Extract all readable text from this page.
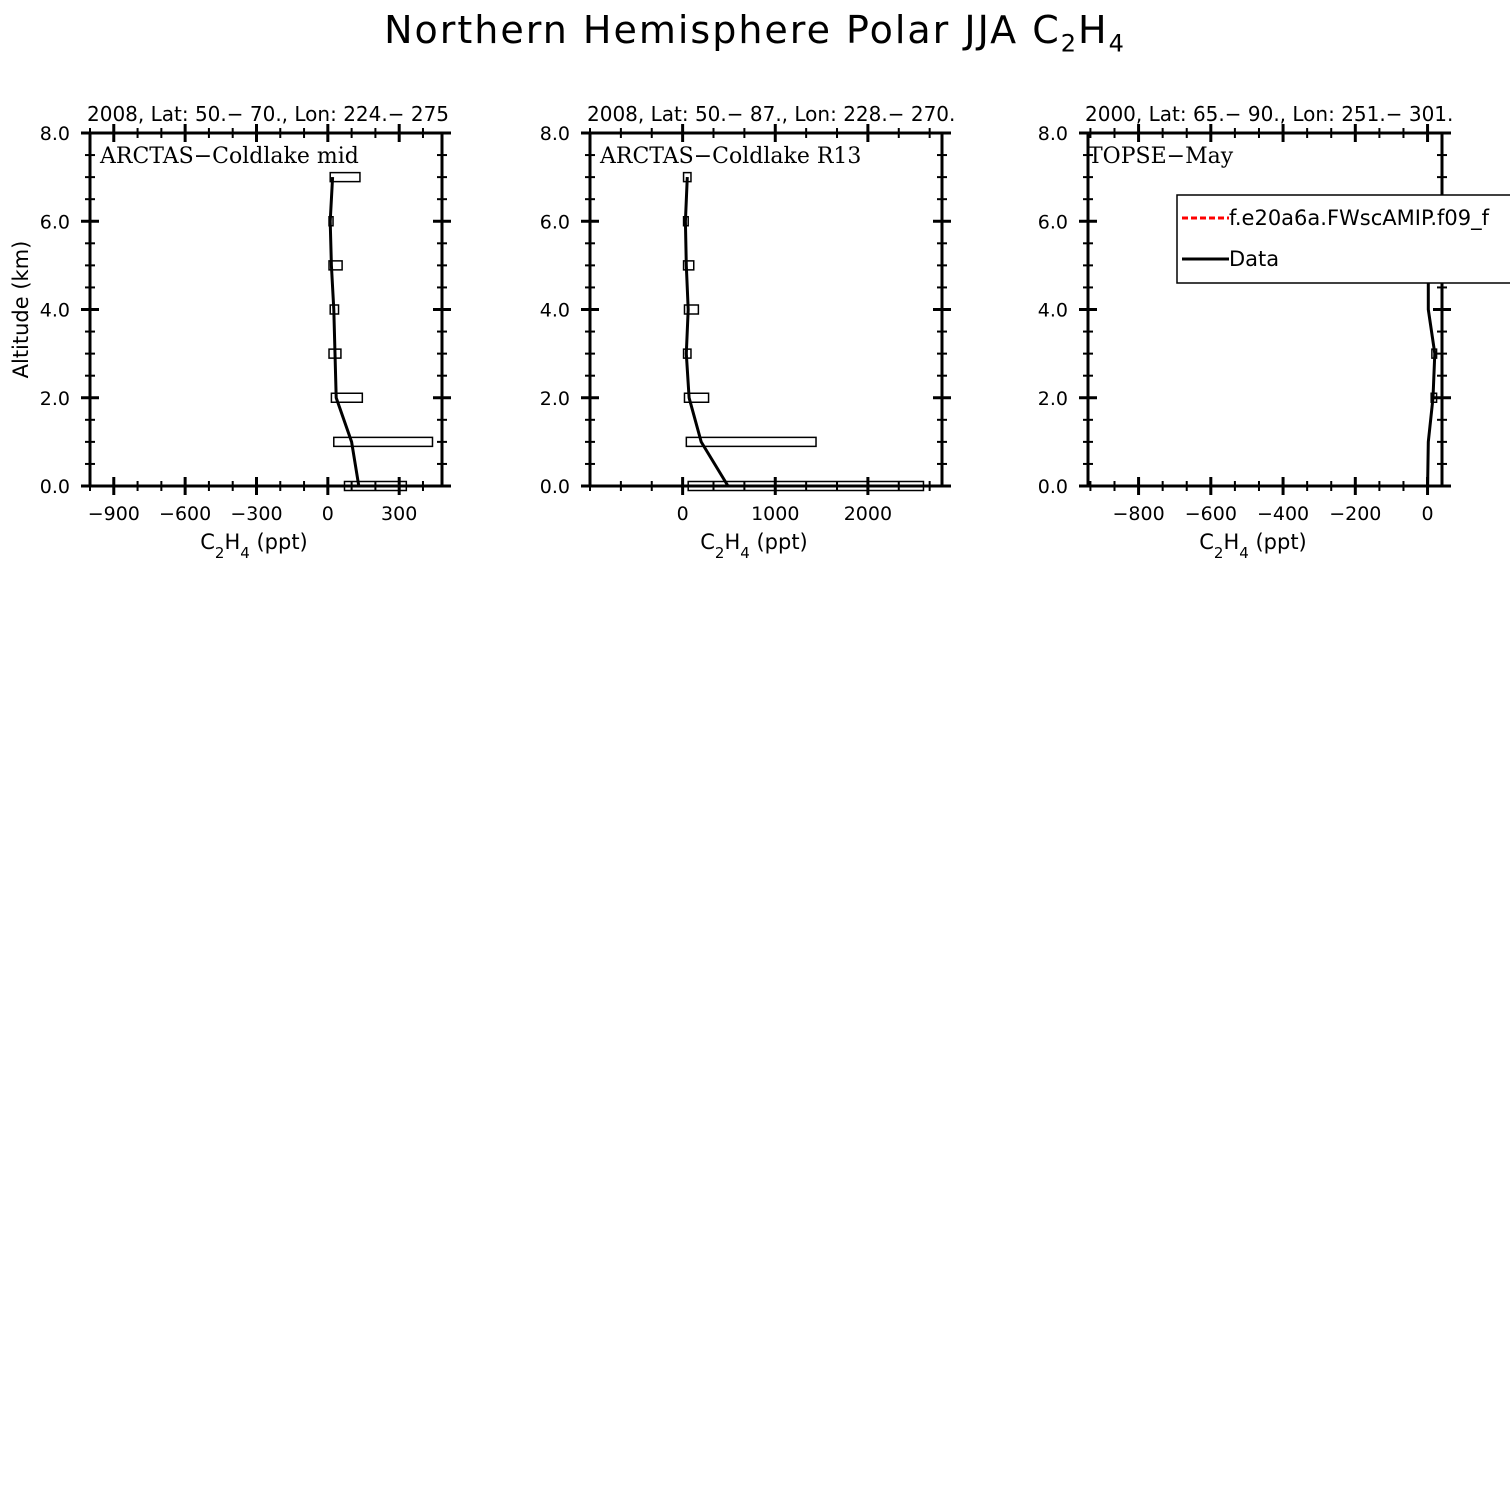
Northern Hemisphere Polar JJA $C_2H_4$
0.0
2.0
4.0
6.0
8.0
−900 −600 −300 0 300
2008, Lat: 50.− 70., Lon: 224.− 275
ARCTAS−Coldlake mid
Altitude (km)
$C_2H_4$ (ppt)
0.0
2.0
4.0
6.0
8.0
0	1000 2000
2008, Lat: 50.− 87., Lon: 228.− 270.
ARCTAS−Coldlake R13
$C_2H_4$ (ppt)
0.0
2.0
4.0
6.0
8.0
−800 −600 −400 −200 0
2000, Lat: 65.− 90., Lon: 251.− 301.
TOPSE−May
f.e20a6a.FWscAMIP.f09_f
Data
$C_2H_4$ (ppt)
